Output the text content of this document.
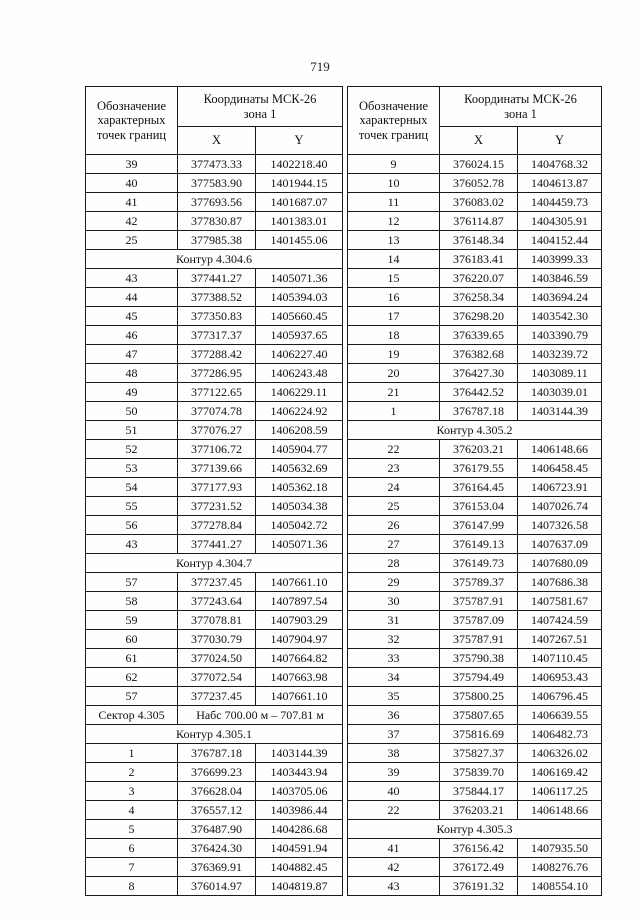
719
Обозначение
характерных
точек границ	Координаты МСК-26
зона 1	
	X	Y
39	377473.33	1402218.40
40	377583.90	1401944.15
41	377693.56	1401687.07
42	377830.87	1401383.01
25	377985.38	1401455.06
Контур 4.304.6		
43	377441.27	1405071.36
44	377388.52	1405394.03
45	377350.83	1405660.45
46	377317.37	1405937.65
47	377288.42	1406227.40
48	377286.95	1406243.48
49	377122.65	1406229.11
50	377074.78	1406224.92
51	377076.27	1406208.59
52	377106.72	1405904.77
53	377139.66	1405632.69
54	377177.93	1405362.18
55	377231.52	1405034.38
56	377278.84	1405042.72
43	377441.27	1405071.36
Контур 4.304.7		
57	377237.45	1407661.10
58	377243.64	1407897.54
59	377078.81	1407903.29
60	377030.79	1407904.97
61	377024.50	1407664.82
62	377072.54	1407663.98
57	377237.45	1407661.10
Сектор 4.305	Набс 700.00 м – 707.81 м	
Контур 4.305.1		
1	376787.18	1403144.39
2	376699.23	1403443.94
3	376628.04	1403705.06
4	376557.12	1403986.44
5	376487.90	1404286.68
6	376424.30	1404591.94
7	376369.91	1404882.45
8	376014.97	1404819.87
Обозначение
характерных
точек границ	Координаты МСК-26
зона 1	
	X	Y
9	376024.15	1404768.32
10	376052.78	1404613.87
11	376083.02	1404459.73
12	376114.87	1404305.91
13	376148.34	1404152.44
14	376183.41	1403999.33
15	376220.07	1403846.59
16	376258.34	1403694.24
17	376298.20	1403542.30
18	376339.65	1403390.79
19	376382.68	1403239.72
20	376427.30	1403089.11
21	376442.52	1403039.01
1	376787.18	1403144.39
Контур 4.305.2		
22	376203.21	1406148.66
23	376179.55	1406458.45
24	376164.45	1406723.91
25	376153.04	1407026.74
26	376147.99	1407326.58
27	376149.13	1407637.09
28	376149.73	1407680.09
29	375789.37	1407686.38
30	375787.91	1407581.67
31	375787.09	1407424.59
32	375787.91	1407267.51
33	375790.38	1407110.45
34	375794.49	1406953.43
35	375800.25	1406796.45
36	375807.65	1406639.55
37	375816.69	1406482.73
38	375827.37	1406326.02
39	375839.70	1406169.42
40	375844.17	1406117.25
22	376203.21	1406148.66
Контур 4.305.3		
41	376156.42	1407935.50
42	376172.49	1408276.76
43	376191.32	1408554.10
